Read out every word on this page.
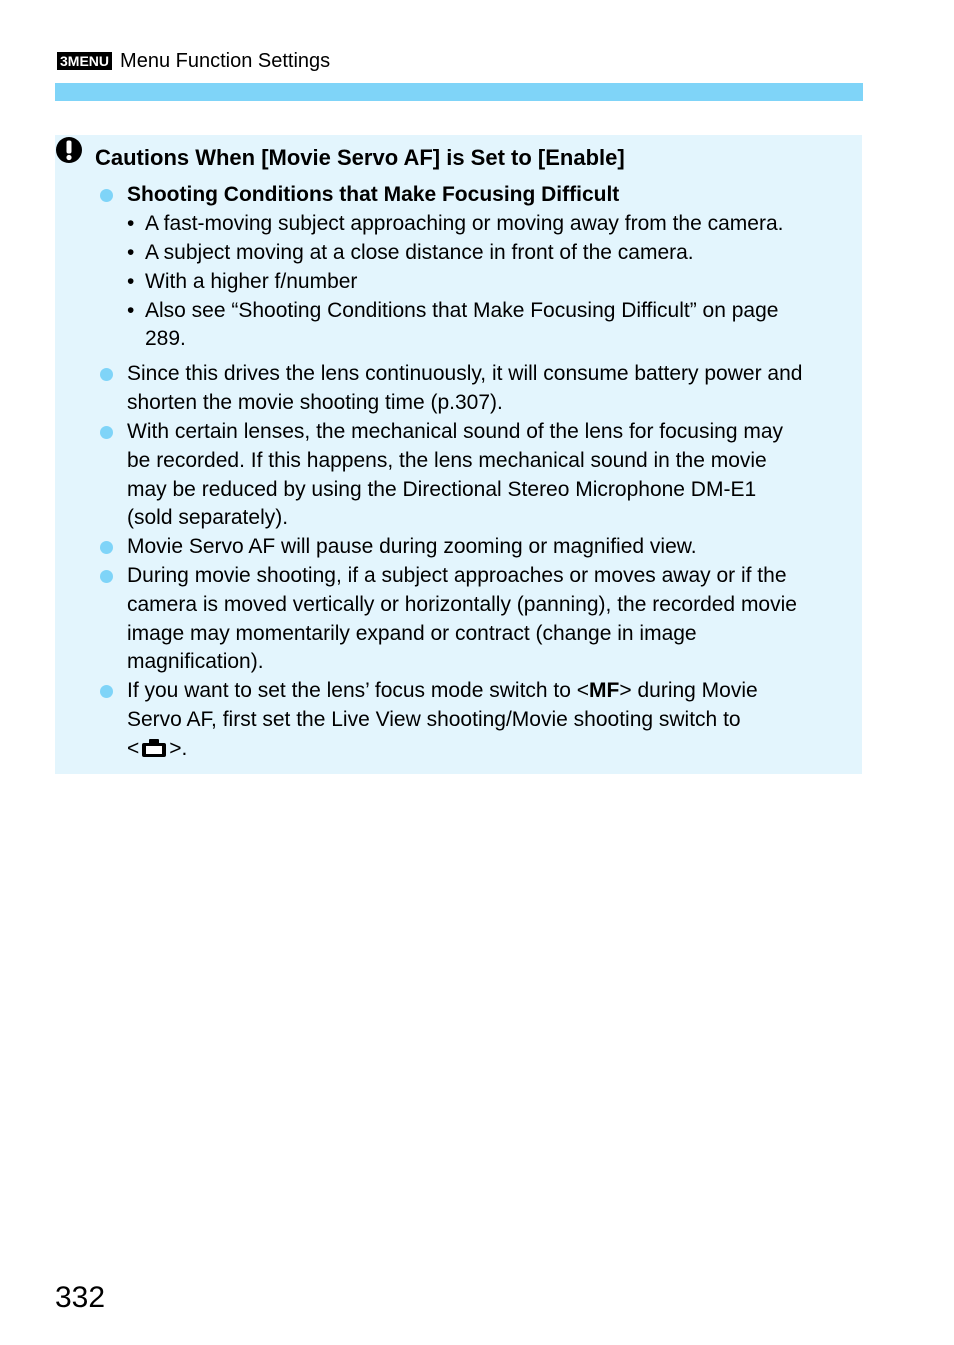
3MENU Menu Function Settings
Cautions When [Movie Servo AF] is Set to [Enable]
Shooting Conditions that Make Focusing Difficult
• A fast-moving subject approaching or moving away from the camera.
• A subject moving at a close distance in front of the camera.
• With a higher f/number
• Also see “Shooting Conditions that Make Focusing Difficult” on page
289.
Since this drives the lens continuously, it will consume battery power and
shorten the movie shooting time (p.307).
With certain lenses, the mechanical sound of the lens for focusing may
be recorded. If this happens, the lens mechanical sound in the movie
may be reduced by using the Directional Stereo Microphone DM-E1
(sold separately).
Movie Servo AF will pause during zooming or magnified view.
During movie shooting, if a subject approaches or moves away or if the
camera is moved vertically or horizontally (panning), the recorded movie
image may momentarily expand or contract (change in image
magnification).
If you want to set the lens’ focus mode switch to <MF> during Movie
Servo AF, first set the Live View shooting/Movie shooting switch to
< >.
332
